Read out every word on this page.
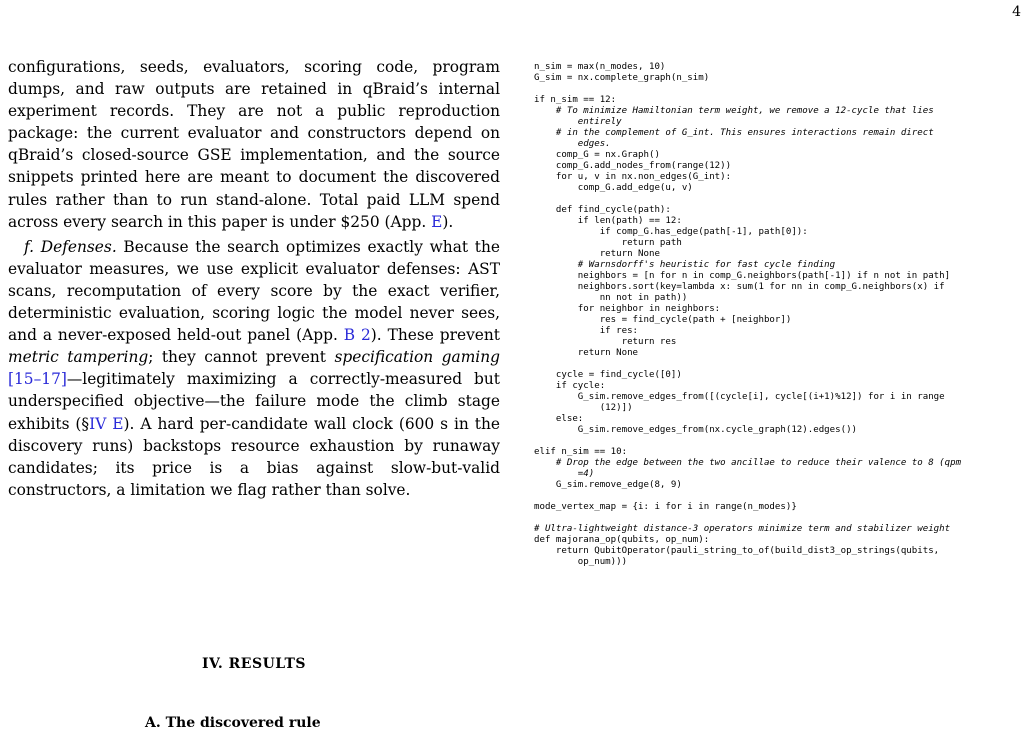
4

configurations, seeds, evaluators, scoring code, program dumps, and raw outputs are retained in qBraid’s internal experiment records. They are not a public reproduction package: the current evaluator and constructors depend on qBraid’s closed-source GSE implementation, and the source snippets printed here are meant to document the discovered rules rather than to run stand-alone. Total paid LLM spend across every search in this paper is under $250 (App. E).

f. Defenses. Because the search optimizes exactly what the evaluator measures, we use explicit evaluator defenses: AST scans, recomputation of every score by the exact verifier, deterministic evaluation, scoring logic the model never sees, and a never-exposed held-out panel (App. B 2). These prevent metric tampering; they cannot prevent specification gaming [15–17]—legitimately maximizing a correctly-measured but underspecified objective—the failure mode the climb stage exhibits (§IV E). A hard per-candidate wall clock (600 s in the discovery runs) backstops resource exhaustion by runaway candidates; its price is a bias against slow-but-valid constructors, a limitation we flag rather than solve.

IV. RESULTS
A. The discovered rule
n_sim = max(n_modes, 10)
G_sim = nx.complete_graph(n_sim)
if n_sim == 12:
# To minimize Hamiltonian term weight, we remove a 12-cycle that lies
entirely
# in the complement of G_int. This ensures interactions remain direct
edges.
comp_G = nx.Graph()
comp_G.add_nodes_from(range(12))
for u, v in nx.non_edges(G_int):
comp_G.add_edge(u, v)
def find_cycle(path):
if len(path) == 12:
if comp_G.has_edge(path[-1], path[0]):
return path
return None
# Warnsdorff's heuristic for fast cycle finding
neighbors = [n for n in comp_G.neighbors(path[-1]) if n not in path]
neighbors.sort(key=lambda x: sum(1 for nn in comp_G.neighbors(x) if
nn not in path))
for neighbor in neighbors:
res = find_cycle(path + [neighbor])
if res:
return res
return None
cycle = find_cycle([0])
if cycle:
G_sim.remove_edges_from([(cycle[i], cycle[(i+1)%12]) for i in range
(12)])
else:
G_sim.remove_edges_from(nx.cycle_graph(12).edges())
elif n_sim == 10:
# Drop the edge between the two ancillae to reduce their valence to 8 (qpm
=4)
G_sim.remove_edge(8, 9)
mode_vertex_map = {i: i for i in range(n_modes)}
# Ultra-lightweight distance-3 operators minimize term and stabilizer weight
def majorana_op(qubits, op_num):
return QubitOperator(pauli_string_to_of(build_dist3_op_strings(qubits,
op_num)))
